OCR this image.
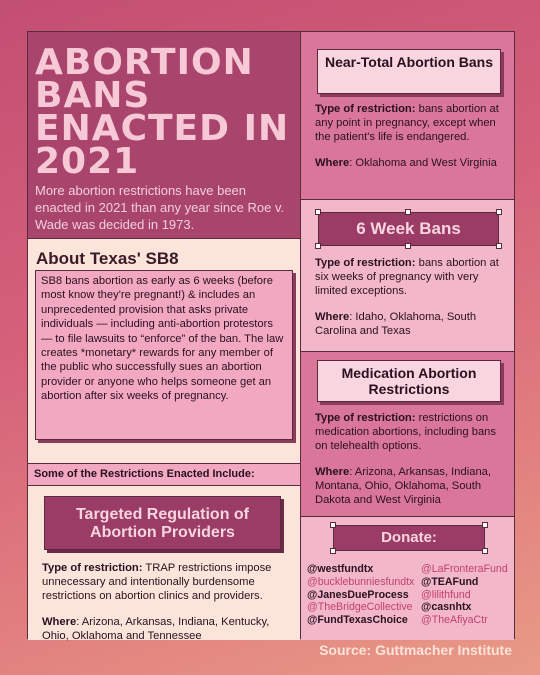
ABORTION BANS ENACTED IN 2021
More abortion restrictions have been enacted in 2021 than any year since Roe v. Wade was decided in 1973.
About Texas' SB8
SB8 bans abortion as early as 6 weeks (before most know they're pregnant!) & includes an unprecedented provision that asks private individuals — including anti-abortion protestors — to file lawsuits to “enforce” of the ban. The law creates *monetary* rewards for any member of the public who successfully sues an abortion provider or anyone who helps someone get an abortion after six weeks of pregnancy.
Some of the Restrictions Enacted Include:
Targeted Regulation of Abortion Providers

Type of restriction: TRAP restrictions impose unnecessary and intentionally burdensome restrictions on abortion clinics and providers.

Where: Arizona, Arkansas, Indiana, Kentucky, Ohio, Oklahoma and Tennessee

Near-Total Abortion Bans

Type of restriction: bans abortion at any point in pregnancy, except when the patient's life is endangered.

Where: Oklahoma and West Virginia

6 Week Bans

Type of restriction: bans abortion at six weeks of pregnancy with very limited exceptions.

Where: Idaho, Oklahoma, South Carolina and Texas

Medication Abortion Restrictions

Type of restriction: restrictions on medication abortions, including bans on telehealth options.

Where: Arizona, Arkansas, Indiana, Montana, Ohio, Oklahoma, South Dakota and West Virginia

Donate:
@westfundtx
@bucklebunniesfundtx
@JanesDueProcess
@TheBridgeCollective
@FundTexasChoice
@LaFronteraFund
@TEAFund
@lilithfund
@casnhtx
@TheAfiyaCtr
Source: Guttmacher Institute
